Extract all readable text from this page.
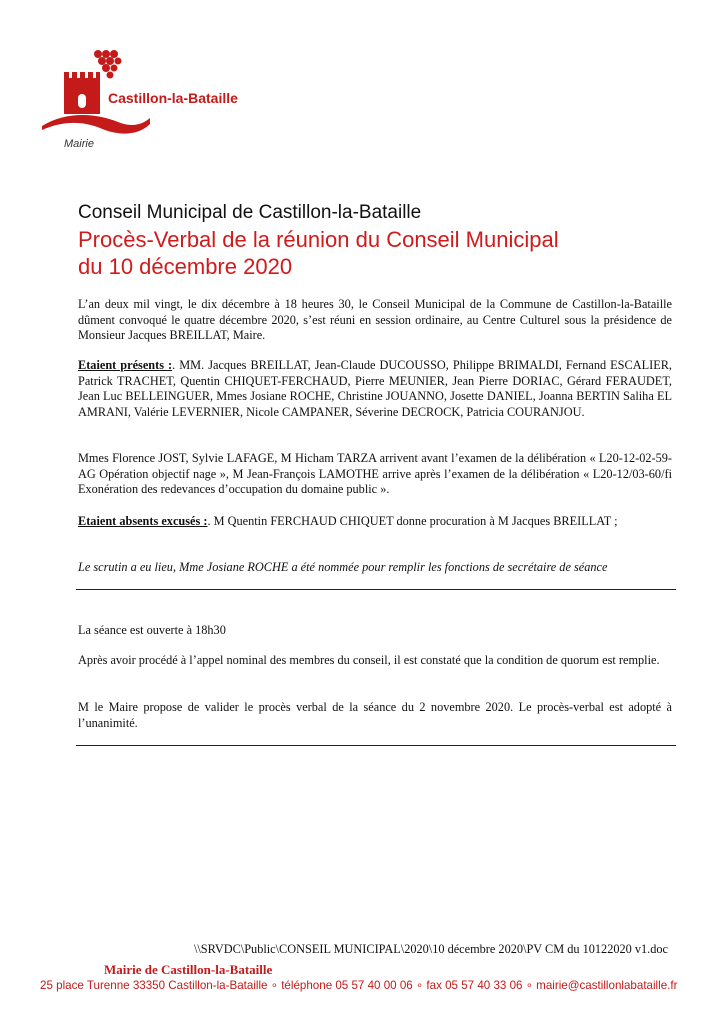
Castillon-la-Bataille
Mairie
Conseil Municipal de Castillon-la-Bataille
Procès-Verbal de la réunion du Conseil Municipal
du 10 décembre 2020
L’an deux mil vingt, le dix décembre à 18 heures 30, le Conseil Municipal de la Commune de Castillon-la-Bataille dûment convoqué le quatre décembre 2020, s’est réuni en session ordinaire, au Centre Culturel sous la présidence de Monsieur Jacques BREILLAT, Maire.
Etaient présents :. MM. Jacques BREILLAT, Jean-Claude DUCOUSSO, Philippe BRIMALDI, Fernand ESCALIER, Patrick TRACHET, Quentin CHIQUET-FERCHAUD, Pierre MEUNIER, Jean Pierre DORIAC, Gérard FERAUDET, Jean Luc BELLEINGUER, Mmes Josiane ROCHE, Christine JOUANNO, Josette DANIEL, Joanna BERTIN Saliha EL AMRANI, Valérie LEVERNIER, Nicole CAMPANER, Séverine DECROCK, Patricia COURANJOU.
Mmes Florence JOST, Sylvie LAFAGE, M Hicham TARZA arrivent avant l’examen de la délibération « L20-12-02-59-AG Opération objectif nage », M Jean-François LAMOTHE arrive après l’examen de la délibération « L20-12/03-60/fi Exonération des redevances d’occupation du domaine public ».
Etaient absents excusés :. M Quentin FERCHAUD CHIQUET donne procuration à M Jacques BREILLAT ;
Le scrutin a eu lieu, Mme Josiane ROCHE a été nommée pour remplir les fonctions de secrétaire de séance
La séance est ouverte à 18h30
Après avoir procédé à l’appel nominal des membres du conseil, il est constaté que la condition de quorum est remplie.
M le Maire propose de valider le procès verbal de la séance du 2 novembre 2020. Le procès-verbal est adopté à l’unanimité.
\\SRVDC\Public\CONSEIL MUNICIPAL\2020\10 décembre 2020\PV CM du 10122020 v1.doc
Mairie de Castillon-la-Bataille
25 place Turenne 33350 Castillon-la-Bataille ∘ téléphone 05 57 40 00 06 ∘ fax 05 57 40 33 06 ∘ mairie@castillonlabataille.fr
